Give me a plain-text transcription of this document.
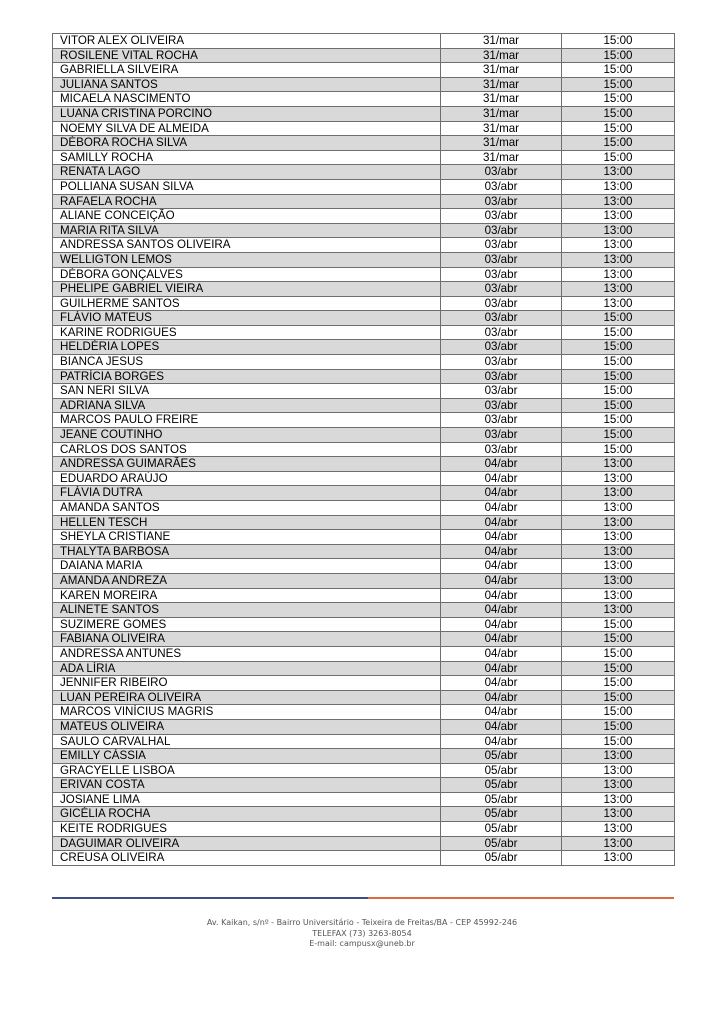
VITOR ALEX OLIVEIRA	31/mar	15:00
ROSILENE VITAL ROCHA	31/mar	15:00
GABRIELLA SILVEIRA	31/mar	15:00
JULIANA SANTOS	31/mar	15:00
MICAELA NASCIMENTO	31/mar	15:00
LUANA CRISTINA PORCINO	31/mar	15:00
NOEMY SILVA DE ALMEIDA	31/mar	15:00
DÉBORA ROCHA SILVA	31/mar	15:00
SAMILLY ROCHA	31/mar	15:00
RENATA LAGO	03/abr	13:00
POLLIANA SUSAN SILVA	03/abr	13:00
RAFAELA ROCHA	03/abr	13:00
ALIANE CONCEIÇÃO	03/abr	13:00
MARIA RITA SILVA	03/abr	13:00
ANDRESSA SANTOS OLIVEIRA	03/abr	13:00
WELLIGTON LEMOS	03/abr	13:00
DÉBORA GONÇALVES	03/abr	13:00
PHELIPE GABRIEL VIEIRA	03/abr	13:00
GUILHERME SANTOS	03/abr	13:00
FLÁVIO MATEUS	03/abr	15:00
KARINE RODRIGUES	03/abr	15:00
HELDÉRIA LOPES	03/abr	15:00
BIANCA JESUS	03/abr	15:00
PATRÍCIA BORGES	03/abr	15:00
SAN NERI SILVA	03/abr	15:00
ADRIANA SILVA	03/abr	15:00
MARCOS PAULO FREIRE	03/abr	15:00
JEANE COUTINHO	03/abr	15:00
CARLOS DOS SANTOS	03/abr	15:00
ANDRESSA GUIMARÃES	04/abr	13:00
EDUARDO ARAÚJO	04/abr	13:00
FLÁVIA DUTRA	04/abr	13:00
AMANDA SANTOS	04/abr	13:00
HELLEN TESCH	04/abr	13:00
SHEYLA CRISTIANE	04/abr	13:00
THALYTA BARBOSA	04/abr	13:00
DAIANA MARIA	04/abr	13:00
AMANDA ANDREZA	04/abr	13:00
KAREN MOREIRA	04/abr	13:00
ALINETE SANTOS	04/abr	13:00
SUZIMERE GOMES	04/abr	15:00
FABIANA OLIVEIRA	04/abr	15:00
ANDRESSA ANTUNES	04/abr	15:00
ADA LÍRIA	04/abr	15:00
JENNIFER RIBEIRO	04/abr	15:00
LUAN PEREIRA OLIVEIRA	04/abr	15:00
MARCOS VINÍCIUS MAGRIS	04/abr	15:00
MATEUS OLIVEIRA	04/abr	15:00
SAULO CARVALHAL	04/abr	15:00
EMILLY CÁSSIA	05/abr	13:00
GRACYELLE LISBOA	05/abr	13:00
ERIVAN COSTA	05/abr	13:00
JOSIANE LIMA	05/abr	13:00
GICÉLIA ROCHA	05/abr	13:00
KEITE RODRIGUES	05/abr	13:00
DAGUIMAR OLIVEIRA	05/abr	13:00
CREUSA OLIVEIRA	05/abr	13:00
Av. Kaikan, s/nº - Bairro Universitário - Teixeira de Freitas/BA - CEP 45992-246
TELEFAX (73) 3263-8054
E-mail: campusx@uneb.br
